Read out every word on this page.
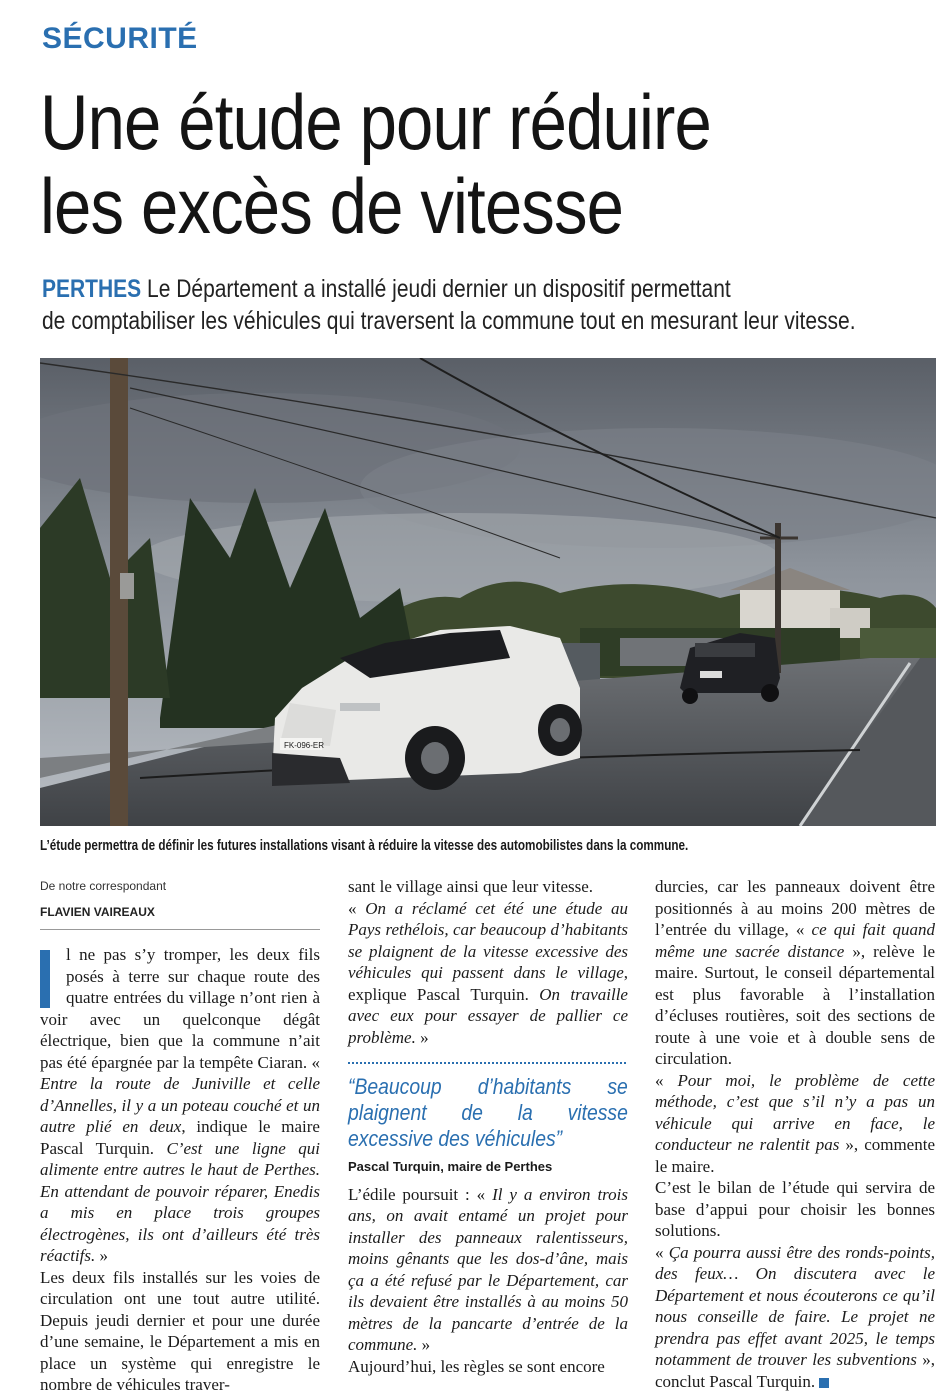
SÉCURITÉ
Une étude pour réduire
les excès de vitesse
PERTHES Le Département a installé jeudi dernier un dispositif permettant
de comptabiliser les véhicules qui traversent la commune tout en mesurant leur vitesse.
FK-096-ER
L’étude permettra de définir les futures installations visant à réduire la vitesse des automobilistes dans la commune.
De notre correspondant
FLAVIEN VAIREAUX

l ne pas s’y tromper, les deux fils posés à terre sur chaque route des quatre entrées du village n’ont rien à voir avec un quelconque dégât électrique, bien que la commune n’ait pas été épargnée par la tempête Ciaran. « Entre la route de Juniville et celle d’Annelles, il y a un poteau couché et un autre plié en deux, indique le maire Pascal Turquin. C’est une ligne qui alimente entre autres le haut de Perthes. En attendant de pouvoir réparer, Enedis a mis en place trois groupes électrogènes, ils ont d’ailleurs été très réactifs. »

Les deux fils installés sur les voies de circulation ont une tout autre utilité. Depuis jeudi dernier et pour une durée d’une semaine, le Département a mis en place un système qui enregistre le nombre de véhicules traver-

sant le village ainsi que leur vitesse.

« On a réclamé cet été une étude au Pays rethélois, car beaucoup d’habitants se plaignent de la vitesse excessive des véhicules qui passent dans le village, explique Pascal Turquin. On travaille avec eux pour essayer de pallier ce problème. »

“Beaucoup d’habitants se plaignent de la vitesse excessive des véhicules”
Pascal Turquin, maire de Perthes

L’édile poursuit : « Il y a environ trois ans, on avait entamé un projet pour installer des panneaux ralentisseurs, moins gênants que les dos-d’âne, mais ça a été refusé par le Département, car ils devaient être installés à au moins 50 mètres de la pancarte d’entrée de la commune. »

Aujourd’hui, les règles se sont encore

durcies, car les panneaux doivent être positionnés à au moins 200 mètres de l’entrée du village, « ce qui fait quand même une sacrée distance », relève le maire. Surtout, le conseil départemental est plus favorable à l’installation d’écluses routières, soit des sections de route à une voie et à double sens de circulation.

« Pour moi, le problème de cette méthode, c’est que s’il n’y a pas un véhicule qui arrive en face, le conducteur ne ralentit pas », commente le maire.

C’est le bilan de l’étude qui servira de base d’appui pour choisir les bonnes solutions.

« Ça pourra aussi être des ronds-points, des feux… On discutera avec le Département et nous écouterons ce qu’il nous conseille de faire. Le projet ne prendra pas effet avant 2025, le temps notamment de trouver les subventions », conclut Pascal Turquin.
